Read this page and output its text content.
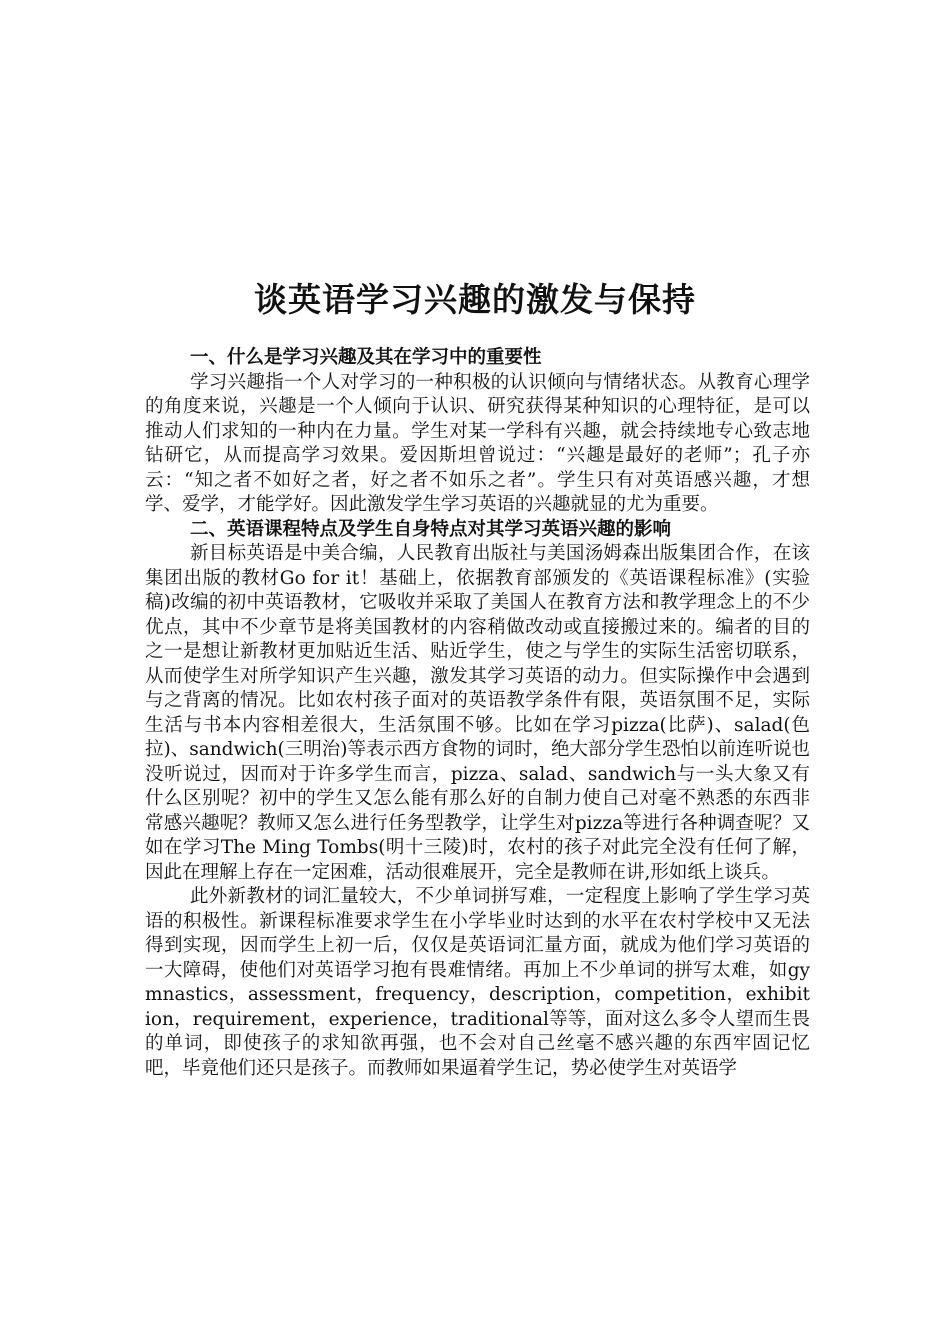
谈英语学习兴趣的激发与保持

一、什么是学习兴趣及其在学习中的重要性

学习兴趣指一个人对学习的一种积极的认识倾向与情绪状态。从教育心理学的角度来说，兴趣是一个人倾向于认识、研究获得某种知识的心理特征，是可以推动人们求知的一种内在力量。学生对某一学科有兴趣，就会持续地专心致志地钻研它，从而提高学习效果。爱因斯坦曾说过：“兴趣是最好的老师”；孔子亦云：“知之者不如好之者，好之者不如乐之者”。学生只有对英语感兴趣，才想学、爱学，才能学好。因此激发学生学习英语的兴趣就显的尤为重要。

二、英语课程特点及学生自身特点对其学习英语兴趣的影响

新目标英语是中美合编，人民教育出版社与美国汤姆森出版集团合作，在该集团出版的教材Go for it！基础上，依据教育部颁发的《英语课程标准》(实验稿)改编的初中英语教材，它吸收并采取了美国人在教育方法和教学理念上的不少优点，其中不少章节是将美国教材的内容稍做改动或直接搬过来的。编者的目的之一是想让新教材更加贴近生活、贴近学生，使之与学生的实际生活密切联系，从而使学生对所学知识产生兴趣，激发其学习英语的动力。但实际操作中会遇到与之背离的情况。比如农村孩子面对的英语教学条件有限，英语氛围不足，实际生活与书本内容相差很大，生活氛围不够。比如在学习pizza(比萨)、salad(色拉)、sandwich(三明治)等表示西方食物的词时，绝大部分学生恐怕以前连听说也没听说过，因而对于许多学生而言，pizza、salad、sandwich与一头大象又有什么区别呢？初中的学生又怎么能有那么好的自制力使自己对毫不熟悉的东西非常感兴趣呢？教师又怎么进行任务型教学，让学生对pizza等进行各种调查呢？又如在学习The Ming Tombs(明十三陵)时，农村的孩子对此完全没有任何了解，因此在理解上存在一定困难，活动很难展开，完全是教师在讲,形如纸上谈兵。

此外新教材的词汇量较大，不少单词拼写难，一定程度上影响了学生学习英语的积极性。新课程标准要求学生在小学毕业时达到的水平在农村学校中又无法得到实现，因而学生上初一后，仅仅是英语词汇量方面，就成为他们学习英语的一大障碍，使他们对英语学习抱有畏难情绪。再加上不少单词的拼写太难，如gymnastics，assessment，frequency，description，competition，exhibition，requirement，experience，traditional等等，面对这么多令人望而生畏的单词，即使孩子的求知欲再强，也不会对自己丝毫不感兴趣的东西牢固记忆吧，毕竟他们还只是孩子。而教师如果逼着学生记，势必使学生对英语学
